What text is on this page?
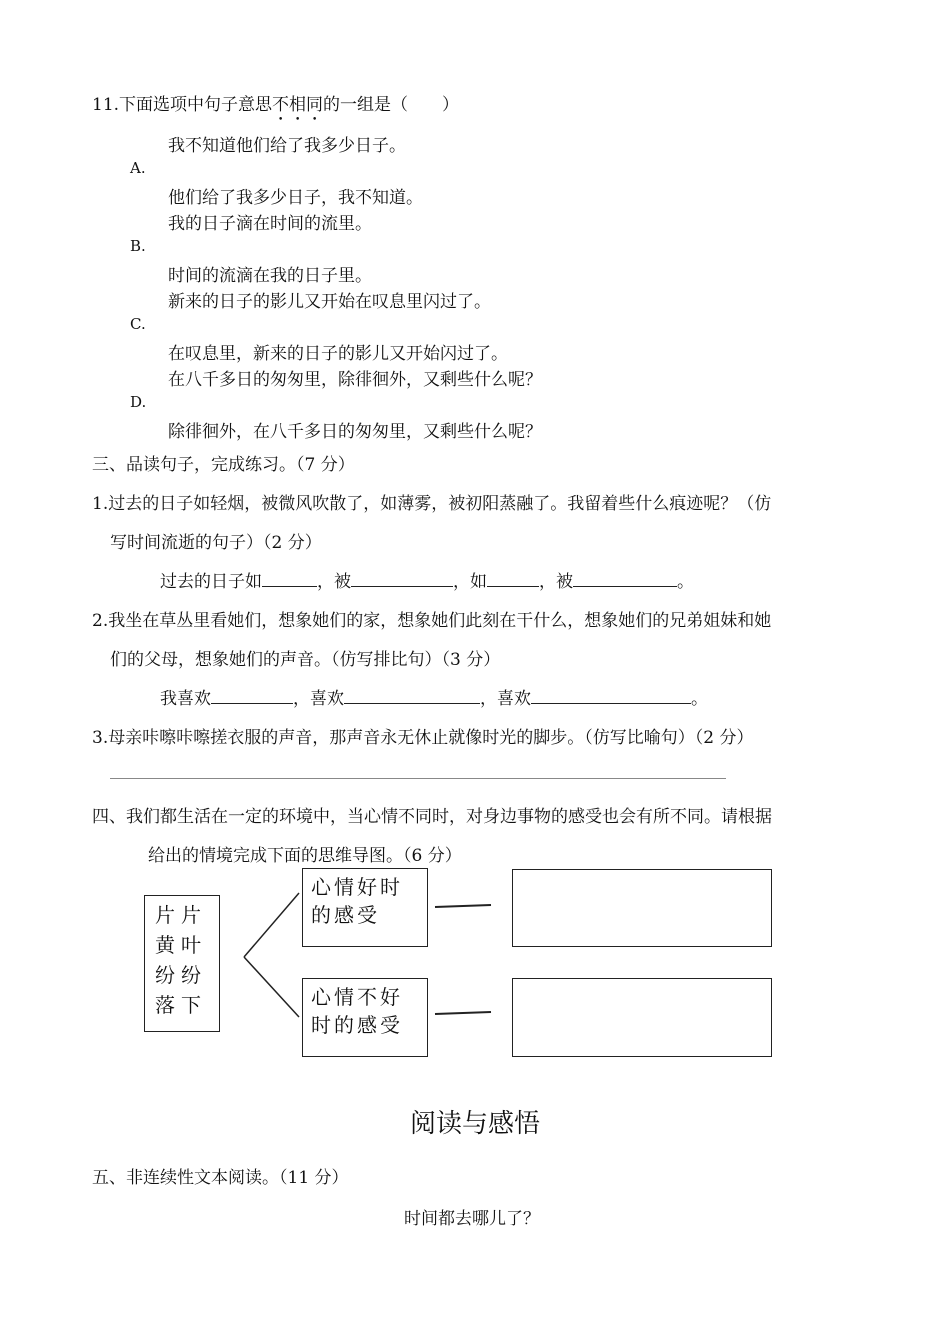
11.下面选项中句子意思不相同的一组是（　　）
我不知道他们给了我多少日子。
A.
他们给了我多少日子，我不知道。
我的日子滴在时间的流里。
B.
时间的流滴在我的日子里。
新来的日子的影儿又开始在叹息里闪过了。
C.
在叹息里，新来的日子的影儿又开始闪过了。
在八千多日的匆匆里，除徘徊外，又剩些什么呢？
D.
除徘徊外，在八千多日的匆匆里，又剩些什么呢？
三、品读句子，完成练习。（7 分）
1.过去的日子如轻烟，被微风吹散了，如薄雾，被初阳蒸融了。我留着些什么痕迹呢？（仿
写时间流逝的句子）（2 分）
过去的日子如	，被	，如	，被	。
2.我坐在草丛里看她们，想象她们的家，想象她们此刻在干什么，想象她们的兄弟姐妹和她
们的父母，想象她们的声音。（仿写排比句）（3 分）
我喜欢	，喜欢	，喜欢	。
3.母亲咔嚓咔嚓搓衣服的声音，那声音永无休止就像时光的脚步。（仿写比喻句）（2 分）
四、我们都生活在一定的环境中，当心情不同时，对身边事物的感受也会有所不同。请根据
给出的情境完成下面的思维导图。（6 分）
片片黄叶纷纷落下
心情好时的感受
心情不好时的感受
阅读与感悟
五、非连续性文本阅读。（11 分）
时间都去哪儿了？
